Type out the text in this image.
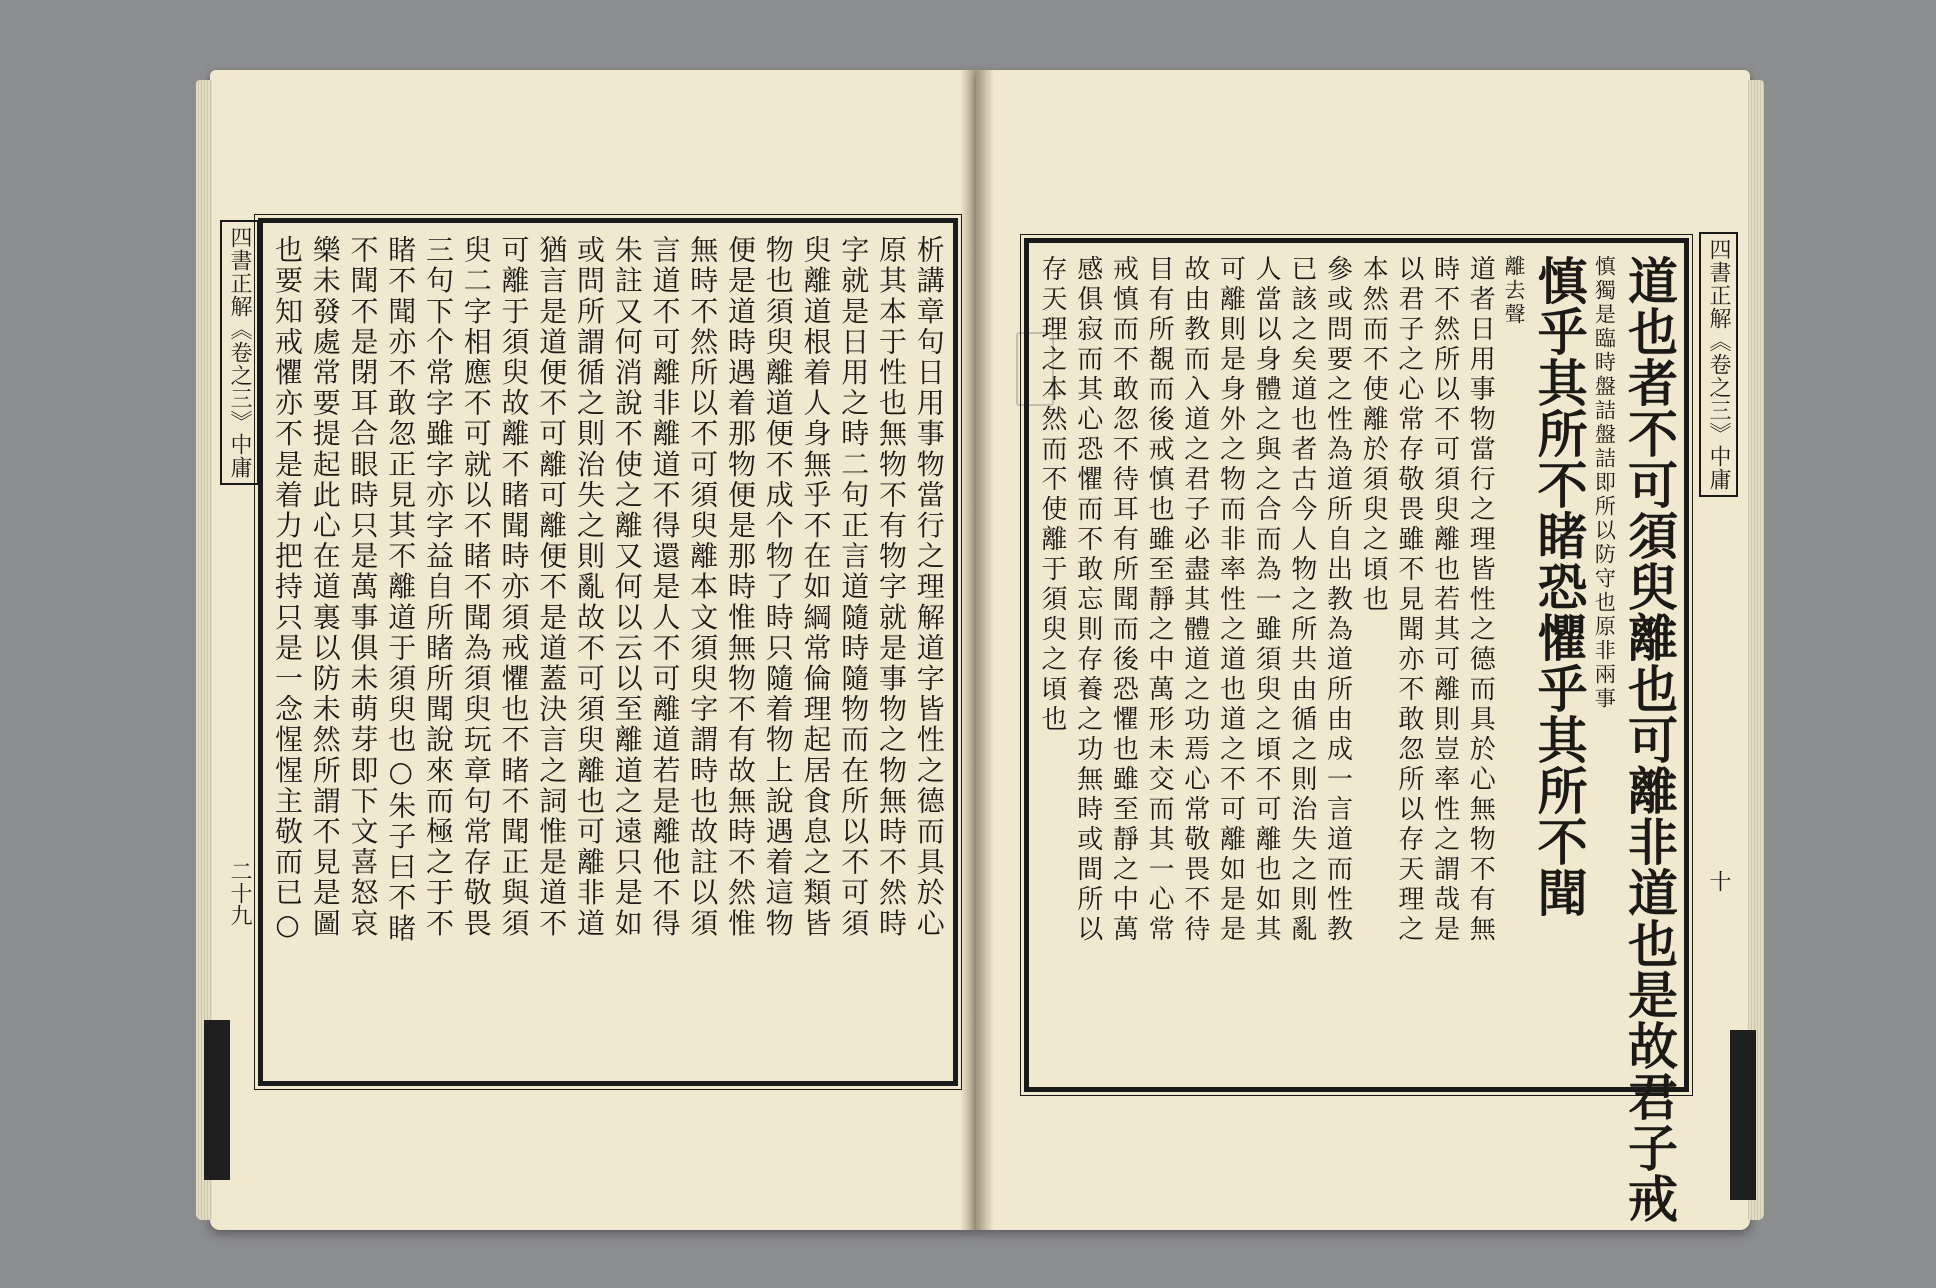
四書正解《卷之三》中庸
二十九	析講章句日用事物當行之理解道字皆性之德而具於心
原其本于性也無物不有物字就是事物之物無時不然時
字就是日用之時二句正言道隨時隨物而在所以不可須
臾離道根着人身無乎不在如綱常倫理起居食息之類皆
物也須臾離道便不成个物了時只隨着物上說遇着這物
便是道時遇着那物便是那時惟無物不有故無時不然惟
無時不然所以不可須臾離本文須臾字謂時也故註以須
言道不可離非離道不得還是人不可離道若是離他不得
朱註又何消說不使之離又何以云以至離道之遠只是如
或問所謂循之則治失之則亂故不可須臾離也可離非道
猶言是道便不可離可離便不是道蓋決言之詞惟是道不
可離于須臾故離不睹聞時亦須戒懼也不睹不聞正與須
臾二字相應不可就以不睹不聞為須臾玩章句常存敬畏
三句下个常字雖字亦字益自所睹所聞說來而極之于不
睹不聞亦不敢忽正見其不離道于須臾也○朱子曰不睹
不聞不是閉耳合眼時只是萬事俱未萌芽即下文喜怒哀
樂未發處常要提起此心在道裏以防未然所謂不見是圖
也要知戒懼亦不是着力把持只是一念惺惺主敬而已○	四書正解《卷之三》中庸
十
道也者不可須臾離也可離非道也是故君子戒
慎獨是臨時盤詰盤詰即所以防守也原非兩事
慎乎其所不睹恐懼乎其所不聞
離去聲
道者日用事物當行之理皆性之德而具於心無物不有無
時不然所以不可須臾離也若其可離則豈率性之謂哉是
以君子之心常存敬畏雖不見聞亦不敢忽所以存天理之
本然而不使離於須臾之頃也
參或問要之性為道所自出教為道所由成一言道而性教
已該之矣道也者古今人物之所共由循之則治失之則亂
人當以身體之與之合而為一雖須臾之頃不可離也如其
可離則是身外之物而非率性之道也道之不可離如是是
故由教而入道之君子必盡其體道之功焉心常敬畏不待
目有所覩而後戒慎也雖至靜之中萬形未交而其一心常
戒慎而不敢忽不待耳有所聞而後恐懼也雖至靜之中萬
感俱寂而其心恐懼而不敢忘則存養之功無時或間所以
存天理之本然而不使離于須臾之頃也
